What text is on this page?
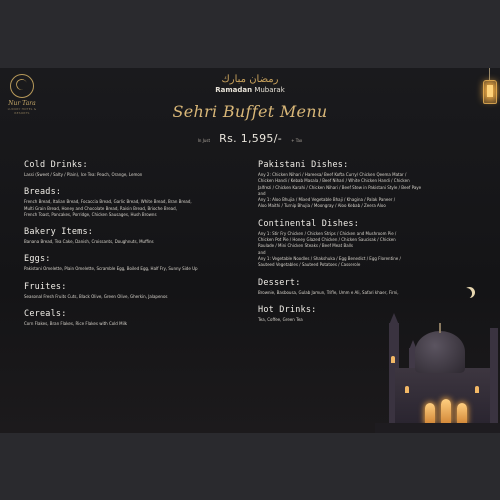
Nur Tara
LUXURY HOTEL & RESORTS
رمضان مبارك
Ramadan Mubarak
Sehri Buffet Menu
In Just Rs. 1,595/- + Tax
Cold Drinks:

Lassi (Sweet / Salty / Plain), Ice Tea: Peach, Orange, Lemon

Breads:

French Bread, Italian Bread, Focaccia Bread, Garlic Bread, White Bread, Bran Bread,

Multi Grain Bread, Honey and Chocolate Bread, Raisin Bread, Brioche Bread,

French Toast, Pancakes, Porridge, Chicken Sausages, Hush Browns

Bakery Items:

Banana Bread, Tea Cake, Danish, Croissants, Doughnuts, Muffins

Eggs:

Pakistani Omelette, Plain Omelette, Scramble Egg, Boiled Egg, Half Fry, Sunny Side Up

Fruites:

Seasonal Fresh Fruits Cuts, Black Olive, Green Olive, Gherkin, Jalapenos

Cereals:

Corn Flakes, Bran Flakes, Rice Flakes with Cold Milk

Pakistani Dishes:

Any 2: Chicken Nihari / Hareesa/ Beef Kofta Curry/ Chicken Qeema Matar /

Chicken Handi / Kebab Masala / Beef Nihari / White Chicken Handi / Chicken

Jalfrezi / Chicken Karahi / Chicken Nihari / Beef Stew in Pakistani Style / Beef Paye

and

Any 1: Aloo Bhujia / Mixed Vegetable Bhaji / Khagina / Palak Paneer /

Aloo Maithi / Turnip Bhujia / Moongray / Aloo Kebab / Zeera Aloo

Continental Dishes:

Any 1: Stir Fry Chicken / Chicken Strips / Chicken and Mushroom Pie /

Chicken Pot Pie / Honey Glazed Chicken / Chicken Saucisak / Chicken

Roulade / Mini Chicken Steaks / Beef Meat Balls

and

Any 1: Vegetable Noodles / Shakshuka / Egg Benedict / Egg Florentine /

Sauteed Vegetables / Sauteed Potatoes / Casserole

Dessert:

Brownie, Basbousa, Gulab Jamun, Trifle, Umm e Ali, Safari khaer, Firni,

Hot Drinks:

Tea, Coffee, Green Tea
